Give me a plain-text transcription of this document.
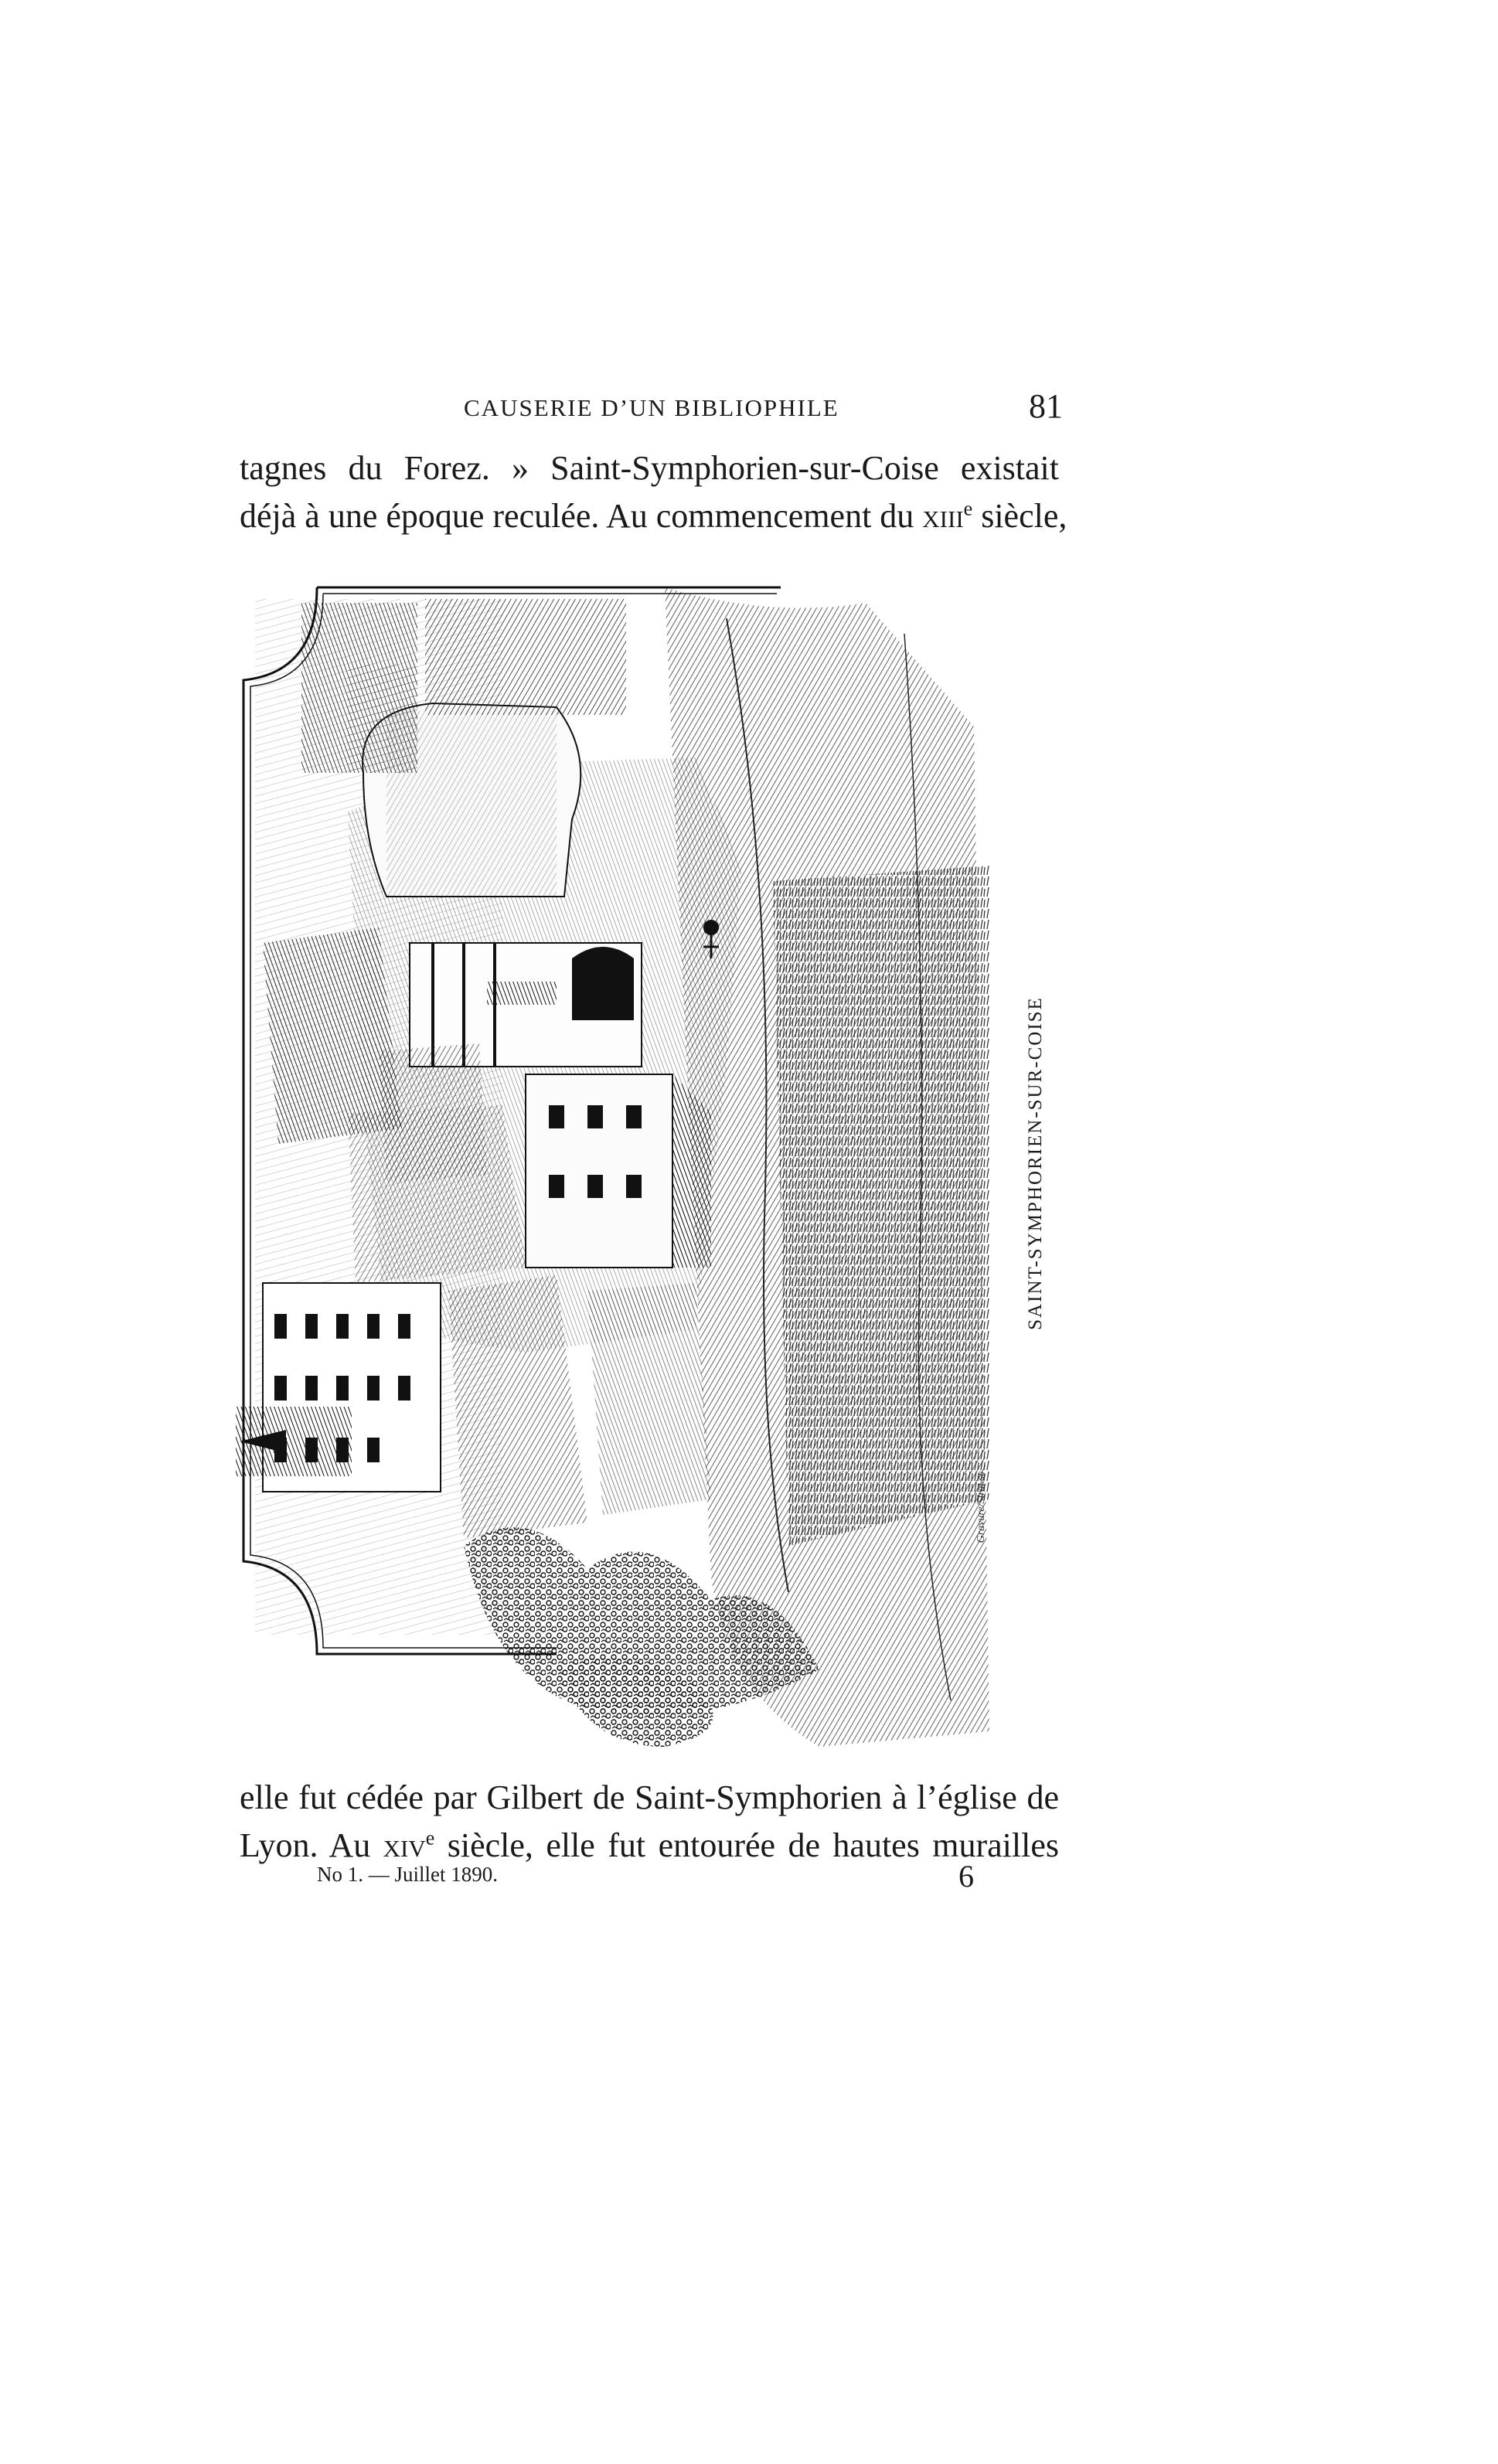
CAUSERIE D’UN BIBLIOPHILE	81
tagnes du Forez. » Saint-Symphorien-sur-Coise existait
déjà à une époque reculée. Au commencement du xiii$^e$ siècle,
SAINT-SYMPHORIEN-SUR-COISE
Gravure/Sirot.sc
elle fut cédée par Gilbert de Saint-Symphorien à l’église de
Lyon. Au xiv$^e$ siècle, elle fut entourée de hautes murailles
No 1. — Juillet 1890.	6
